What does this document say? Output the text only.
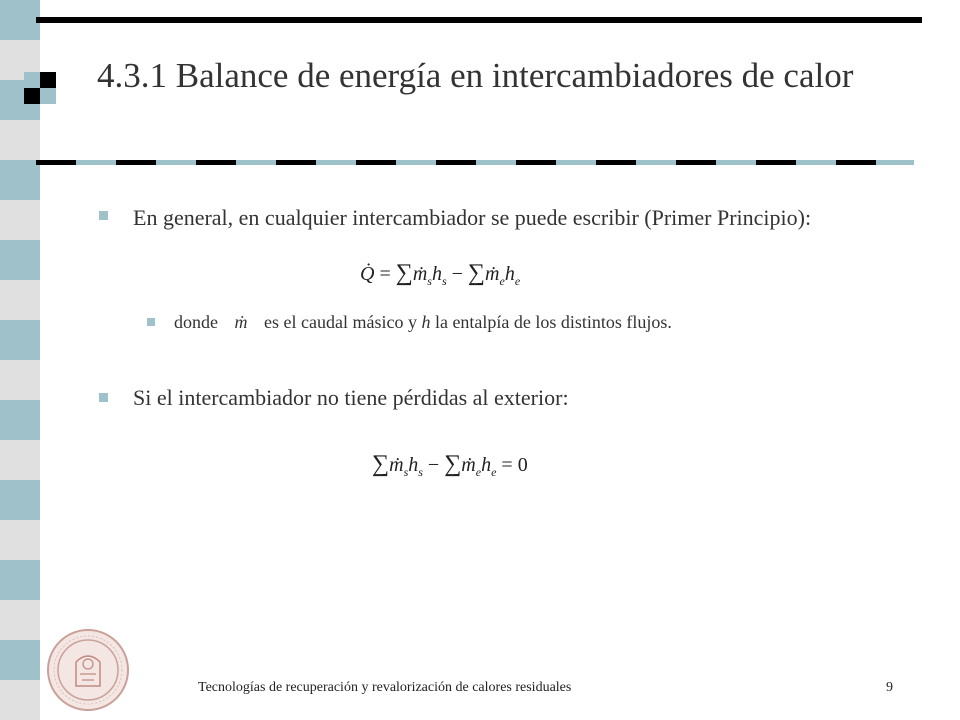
4.3.1 Balance de energía en intercambiadores de calor
En general, en cualquier intercambiador se puede escribir (Primer Principio):
Q̇ = $\sum ṁ_sh_s$ − $\sum ṁ_eh_e$
donde ṁ es el caudal másico y h la entalpía de los distintos flujos.
Si el intercambiador no tiene pérdidas al exterior:
$\sum ṁ_sh_s$ − $\sum ṁ_eh_e = 0$
Tecnologías de recuperación y revalorización de calores residuales	9
